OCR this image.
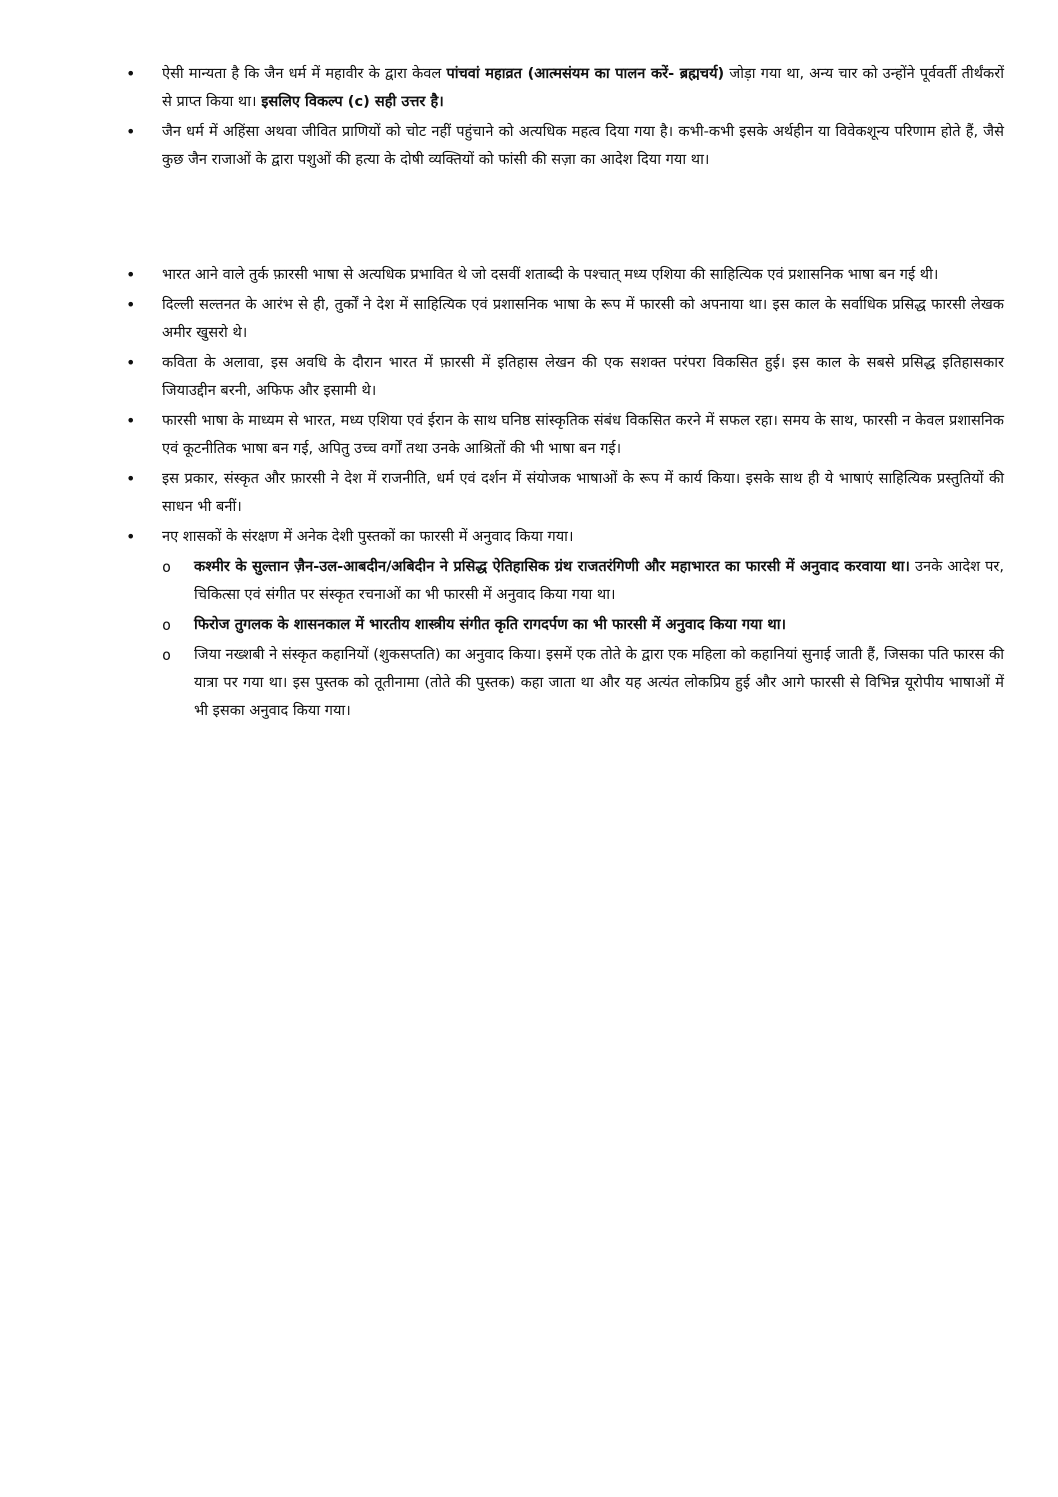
• ऐसी मान्यता है कि जैन धर्म में महावीर के द्वारा केवल पांचवां महाव्रत (आत्मसंयम का पालन करें- ब्रह्मचर्य) जोड़ा गया था, अन्य चार को उन्होंने पूर्ववर्ती तीर्थंकरों से प्राप्त किया था। इसलिए विकल्प (c) सही उत्तर है।
• जैन धर्म में अहिंसा अथवा जीवित प्राणियों को चोट नहीं पहुंचाने को अत्यधिक महत्व दिया गया है। कभी-कभी इसके अर्थहीन या विवेकशून्य परिणाम होते हैं, जैसे कुछ जैन राजाओं के द्वारा पशुओं की हत्या के दोषी व्यक्तियों को फांसी की सज़ा का आदेश दिया गया था।

• भारत आने वाले तुर्क फ़ारसी भाषा से अत्यधिक प्रभावित थे जो दसवीं शताब्दी के पश्चात् मध्य एशिया की साहित्यिक एवं प्रशासनिक भाषा बन गई थी।
• दिल्ली सल्तनत के आरंभ से ही, तुर्कों ने देश में साहित्यिक एवं प्रशासनिक भाषा के रूप में फारसी को अपनाया था। इस काल के सर्वाधिक प्रसिद्ध फारसी लेखक अमीर खुसरो थे।
• कविता के अलावा, इस अवधि के दौरान भारत में फ़ारसी में इतिहास लेखन की एक सशक्त परंपरा विकसित हुई। इस काल के सबसे प्रसिद्ध इतिहासकार जियाउद्दीन बरनी, अफिफ और इसामी थे।
• फारसी भाषा के माध्यम से भारत, मध्य एशिया एवं ईरान के साथ घनिष्ठ सांस्कृतिक संबंध विकसित करने में सफल रहा। समय के साथ, फारसी न केवल प्रशासनिक एवं कूटनीतिक भाषा बन गई, अपितु उच्च वर्गों तथा उनके आश्रितों की भी भाषा बन गई।
• इस प्रकार, संस्कृत और फ़ारसी ने देश में राजनीति, धर्म एवं दर्शन में संयोजक भाषाओं के रूप में कार्य किया। इसके साथ ही ये भाषाएं साहित्यिक प्रस्तुतियों की साधन भी बनीं।
• नए शासकों के संरक्षण में अनेक देशी पुस्तकों का फारसी में अनुवाद किया गया।
o कश्मीर के सुल्तान ज़ैन-उल-आबदीन/अबिदीन ने प्रसिद्ध ऐतिहासिक ग्रंथ राजतरंगिणी और महाभारत का फारसी में अनुवाद करवाया था। उनके आदेश पर, चिकित्सा एवं संगीत पर संस्कृत रचनाओं का भी फारसी में अनुवाद किया गया था।
o फिरोज तुगलक के शासनकाल में भारतीय शास्त्रीय संगीत कृति रागदर्पण का भी फारसी में अनुवाद किया गया था।
o जिया नख्शबी ने संस्कृत कहानियों (शुकसप्तति) का अनुवाद किया। इसमें एक तोते के द्वारा एक महिला को कहानियां सुनाई जाती हैं, जिसका पति फारस की यात्रा पर गया था। इस पुस्तक को तूतीनामा (तोते की पुस्तक) कहा जाता था और यह अत्यंत लोकप्रिय हुई और आगे फारसी से विभिन्न यूरोपीय भाषाओं में भी इसका अनुवाद किया गया।
